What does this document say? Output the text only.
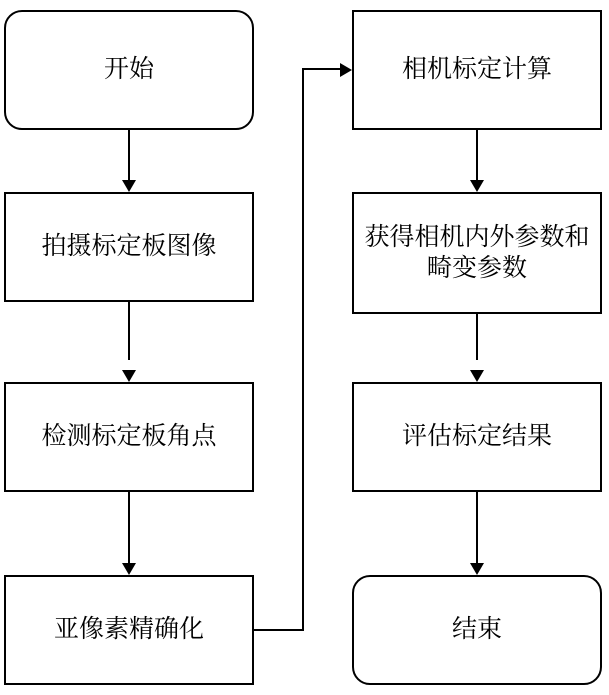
开始
拍摄标定板图像
检测标定板角点
亚像素精确化
相机标定计算
获得相机内外参数和畸变参数
评估标定结果
结束
